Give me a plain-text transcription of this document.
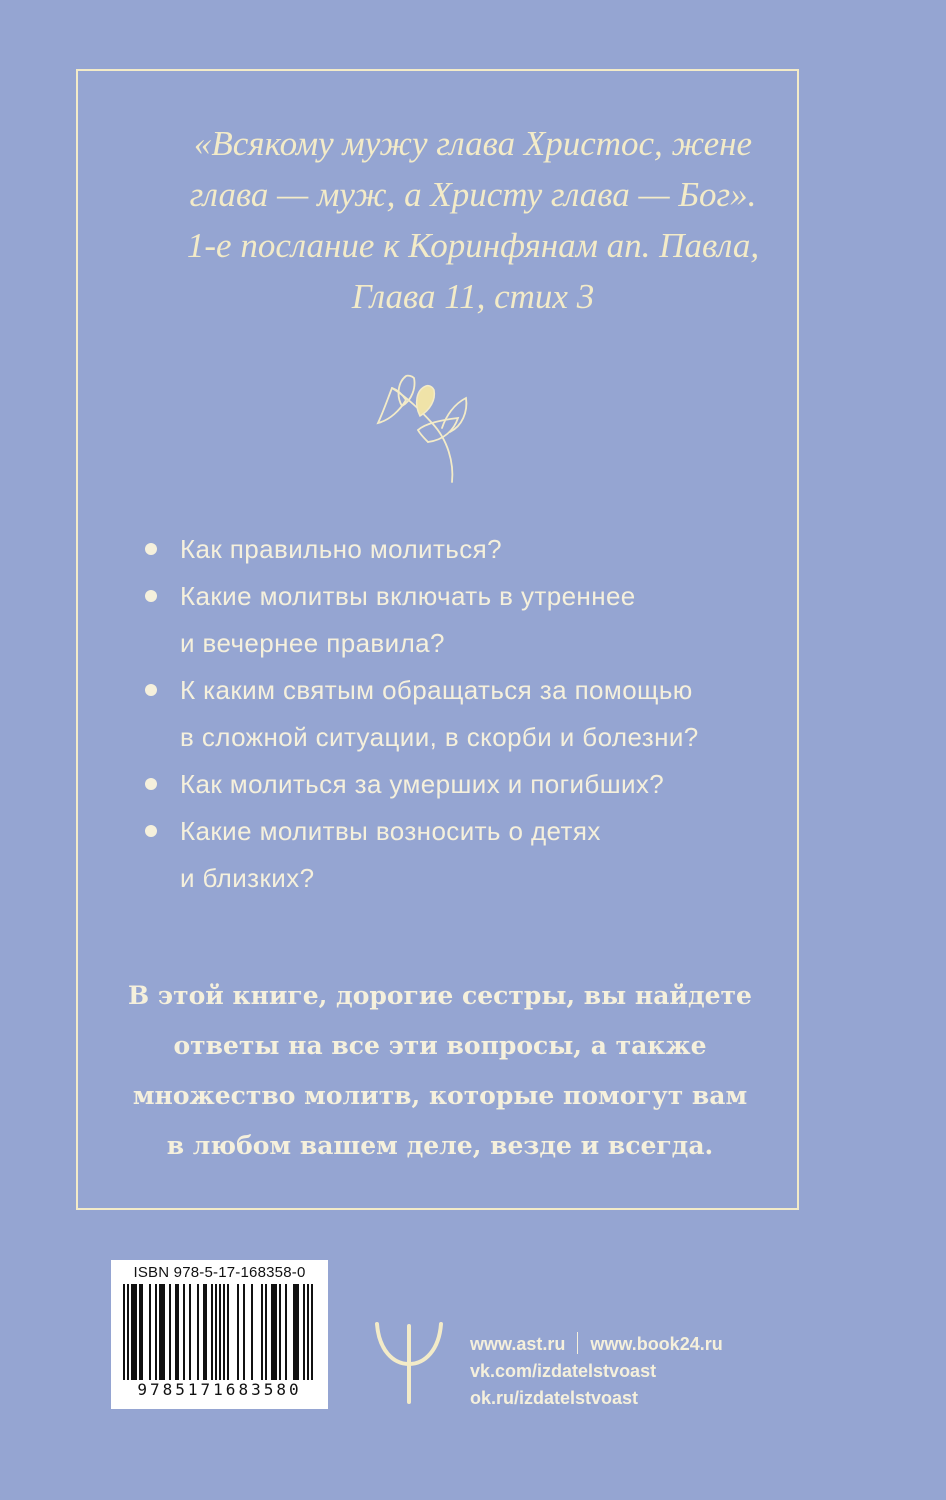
«Всякому мужу глава Христос, жене
глава — муж, а Христу глава — Бог».
1-е послание к Коринфянам ап. Павла,
Глава 11, стих 3
Как правильно молиться?
Какие молитвы включать в утреннее
и вечернее правила?
К каким святым обращаться за помощью
в сложной ситуации, в скорби и болезни?
Как молиться за умерших и погибших?
Какие молитвы возносить о детях
и близких?
В этой книге, дорогие сестры, вы найдете
ответы на все эти вопросы, а также
множество молитв, которые помогут вам
в любом вашем деле, везде и всегда.
ISBN 978-5-17-168358-0
9785171683580
www.ast.ru www.book24.ru
vk.com/izdatelstvoast
ok.ru/izdatelstvoast
